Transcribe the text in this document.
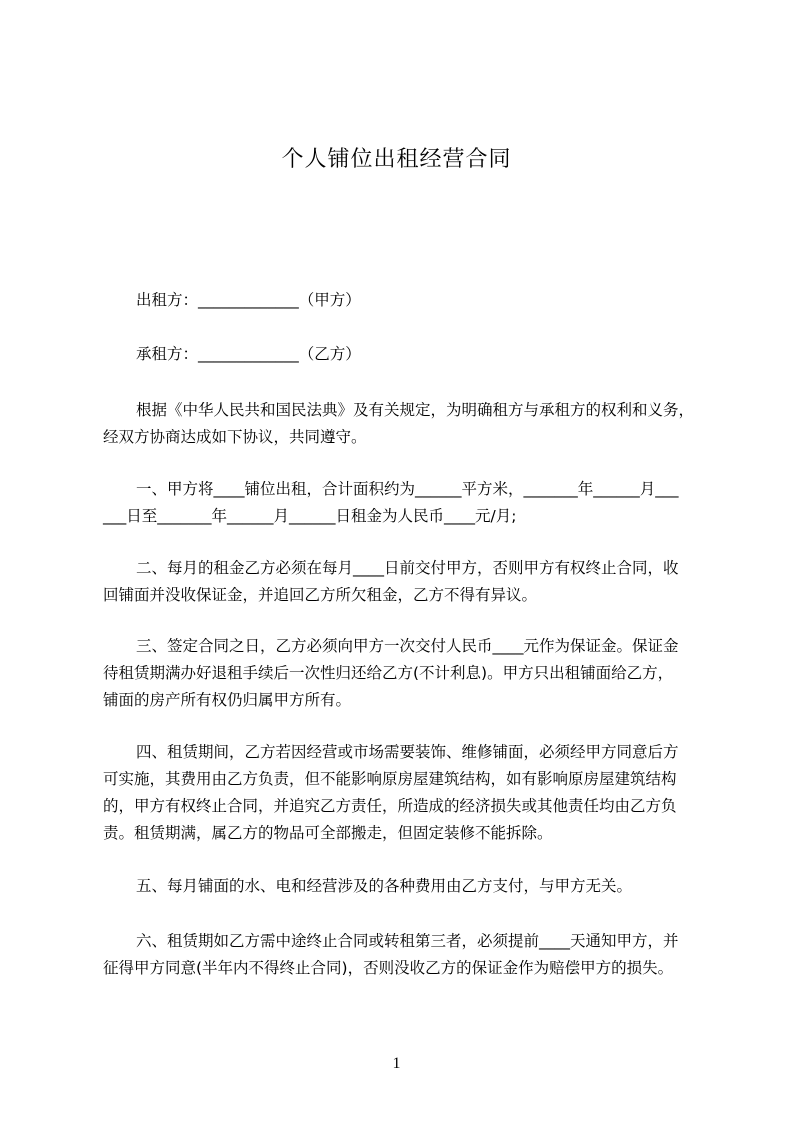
个人铺位出租经营合同
出租方：_____________（甲方）
承租方：_____________（乙方）
根据《中华人民共和国民法典》及有关规定，为明确租方与承租方的权利和义务，
经双方协商达成如下协议，共同遵守。
一、甲方将____铺位出租，合计面积约为______平方米，_______年______月___
___日至_______年______月______日租金为人民币____元/月;
二、每月的租金乙方必须在每月____日前交付甲方，否则甲方有权终止合同，收
回铺面并没收保证金，并追回乙方所欠租金，乙方不得有异议。
三、签定合同之日，乙方必须向甲方一次交付人民币____元作为保证金。保证金
待租赁期满办好退租手续后一次性归还给乙方(不计利息)。甲方只出租铺面给乙方，
铺面的房产所有权仍归属甲方所有。
四、租赁期间，乙方若因经营或市场需要装饰、维修铺面，必须经甲方同意后方
可实施，其费用由乙方负责，但不能影响原房屋建筑结构，如有影响原房屋建筑结构
的，甲方有权终止合同，并追究乙方责任，所造成的经济损失或其他责任均由乙方负
责。租赁期满，属乙方的物品可全部搬走，但固定装修不能拆除。
五、每月铺面的水、电和经营涉及的各种费用由乙方支付，与甲方无关。
六、租赁期如乙方需中途终止合同或转租第三者，必须提前____天通知甲方，并
征得甲方同意(半年内不得终止合同)，否则没收乙方的保证金作为赔偿甲方的损失。
1
